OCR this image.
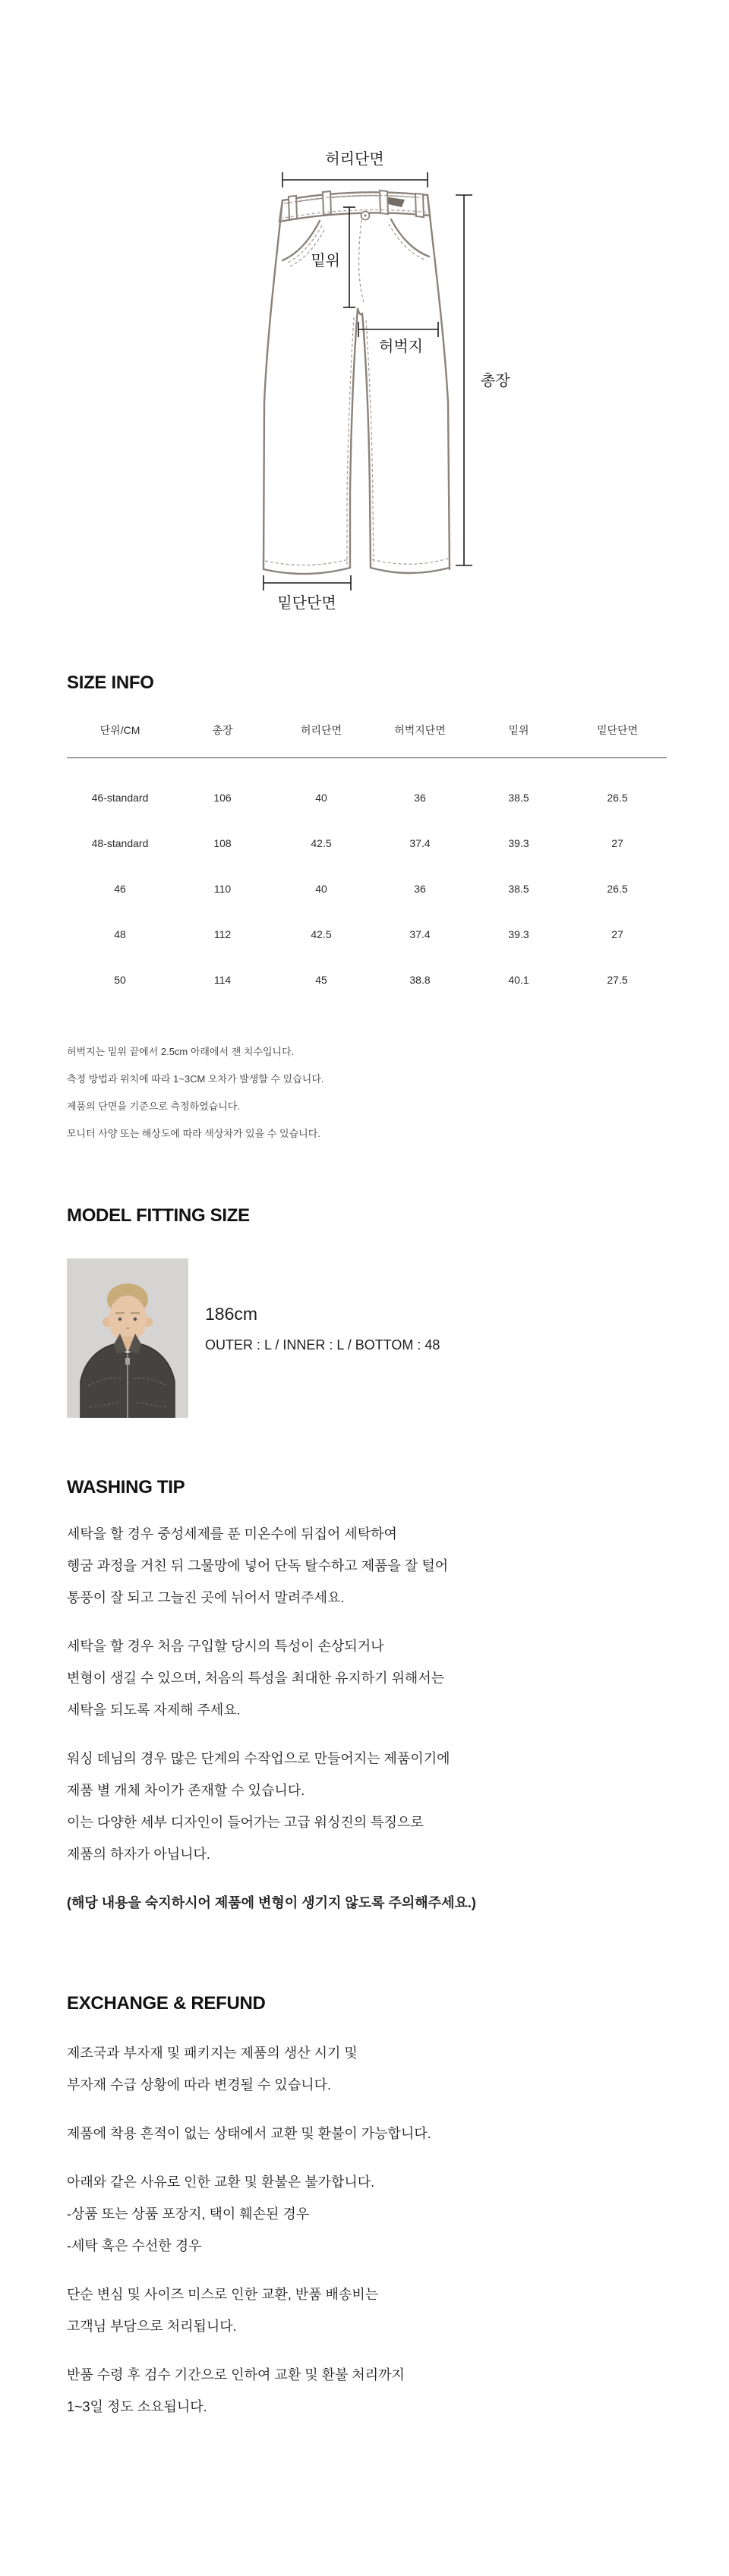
허리단면
밑위
허벅지
총장
밑단단면
SIZE INFO
단위/CM	총장	허리단면	허벅지단면	밑위	밑단단면
46-standard	106	40	36	38.5	26.5
48-standard	108	42.5	37.4	39.3	27
46	110	40	36	38.5	26.5
48	112	42.5	37.4	39.3	27
50	114	45	38.8	40.1	27.5
허벅지는 밑위 끝에서 2.5cm 아래에서 잰 치수입니다.
측정 방법과 위치에 따라 1~3CM 오차가 발생할 수 있습니다.
제품의 단면을 기준으로 측정하였습니다.
모니터 사양 또는 해상도에 따라 색상차가 있을 수 있습니다.
MODEL FITTING SIZE
186cm
OUTER : L / INNER : L / BOTTOM : 48
WASHING TIP
세탁을 할 경우 중성세제를 푼 미온수에 뒤집어 세탁하여
헹굼 과정을 거친 뒤 그물망에 넣어 단독 탈수하고 제품을 잘 털어
통풍이 잘 되고 그늘진 곳에 뉘어서 말려주세요.
세탁을 할 경우 처음 구입할 당시의 특성이 손상되거나
변형이 생길 수 있으며, 처음의 특성을 최대한 유지하기 위해서는
세탁을 되도록 자제해 주세요.
워싱 데님의 경우 많은 단계의 수작업으로 만들어지는 제품이기에
제품 별 개체 차이가 존재할 수 있습니다.
이는 다양한 세부 디자인이 들어가는 고급 워싱진의 특징으로
제품의 하자가 아닙니다.
(해당 내용을 숙지하시어 제품에 변형이 생기지 않도록 주의해주세요.)
EXCHANGE & REFUND
제조국과 부자재 및 패키지는 제품의 생산 시기 및
부자재 수급 상황에 따라 변경될 수 있습니다.
제품에 착용 흔적이 없는 상태에서 교환 및 환불이 가능합니다.
아래와 같은 사유로 인한 교환 및 환불은 불가합니다.
-상품 또는 상품 포장지, 택이 훼손된 경우
-세탁 혹은 수선한 경우
단순 변심 및 사이즈 미스로 인한 교환, 반품 배송비는
고객님 부담으로 처리됩니다.
반품 수령 후 검수 기간으로 인하여 교환 및 환불 처리까지
1~3일 정도 소요됩니다.
